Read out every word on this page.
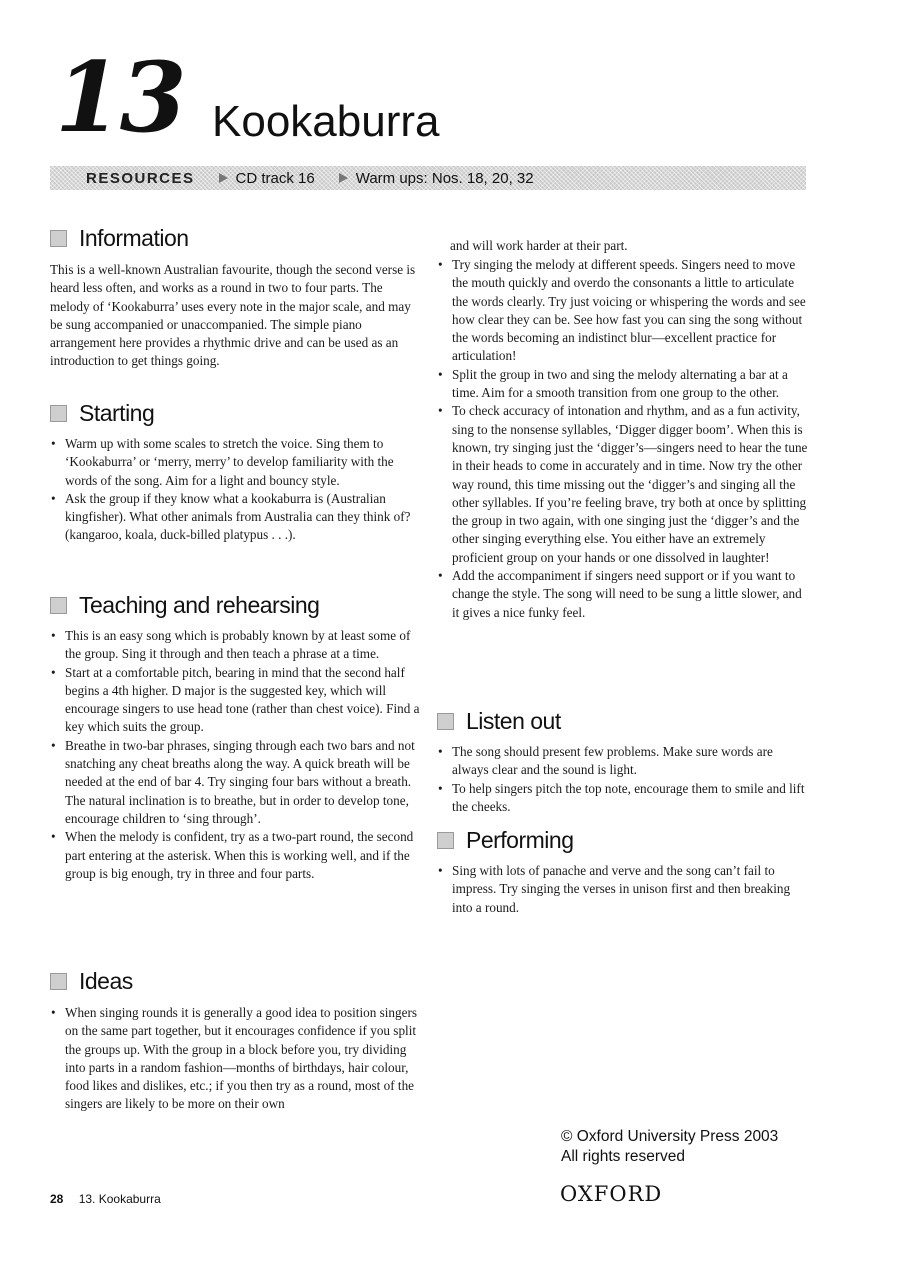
13 Kookaburra
RESOURCES	CD track 16	Warm ups: Nos. 18, 20, 32
Information

This is a well-known Australian favourite, though the second verse is heard less often, and works as a round in two to four parts. The melody of ‘Kookaburra’ uses every note in the major scale, and may be sung accompanied or unaccompanied. The simple piano arrangement here provides a rhythmic drive and can be used as an introduction to get things going.

Starting
• Warm up with some scales to stretch the voice. Sing them to ‘Kookaburra’ or ‘merry, merry’ to develop familiarity with the words of the song. Aim for a light and bouncy style.
• Ask the group if they know what a kookaburra is (Australian kingfisher). What other animals from Australia can they think of? (kangaroo, koala, duck-billed platypus . . .).
Teaching and rehearsing
• This is an easy song which is probably known by at least some of the group. Sing it through and then teach a phrase at a time.
• Start at a comfortable pitch, bearing in mind that the second half begins a 4th higher. D major is the suggested key, which will encourage singers to use head tone (rather than chest voice). Find a key which suits the group.
• Breathe in two-bar phrases, singing through each two bars and not snatching any cheat breaths along the way. A quick breath will be needed at the end of bar 4. Try singing four bars without a breath. The natural inclination is to breathe, but in order to develop tone, encourage children to ‘sing through’.
• When the melody is confident, try as a two-part round, the second part entering at the asterisk. When this is working well, and if the group is big enough, try in three and four parts.
Ideas
• When singing rounds it is generally a good idea to position singers on the same part together, but it encourages confidence if you split the groups up. With the group in a block before you, try dividing into parts in a random fashion—months of birthdays, hair colour, food likes and dislikes, etc.; if you then try as a round, most of the singers are likely to be more on their own

and will work harder at their part.

• Try singing the melody at different speeds. Singers need to move the mouth quickly and overdo the consonants a little to articulate the words clearly. Try just voicing or whispering the words and see how clear they can be. See how fast you can sing the song without the words becoming an indistinct blur—excellent practice for articulation!
• Split the group in two and sing the melody alternating a bar at a time. Aim for a smooth transition from one group to the other.
• To check accuracy of intonation and rhythm, and as a fun activity, sing to the nonsense syllables, ‘Digger digger boom’. When this is known, try singing just the ‘digger’s—singers need to hear the tune in their heads to come in accurately and in time. Now try the other way round, this time missing out the ‘digger’s and singing all the other syllables. If you’re feeling brave, try both at once by splitting the group in two again, with one singing just the ‘digger’s and the other singing everything else. You either have an extremely proficient group on your hands or one dissolved in laughter!
• Add the accompaniment if singers need support or if you want to change the style. The song will need to be sung a little slower, and it gives a nice funky feel.
Listen out
• The song should present few problems. Make sure words are always clear and the sound is light.
• To help singers pitch the top note, encourage them to smile and lift the cheeks.
Performing
• Sing with lots of panache and verve and the song can’t fail to impress. Try singing the verses in unison first and then breaking into a round.
© Oxford University Press 2003
All rights reserved
28 13. Kookaburra	OXFORD
